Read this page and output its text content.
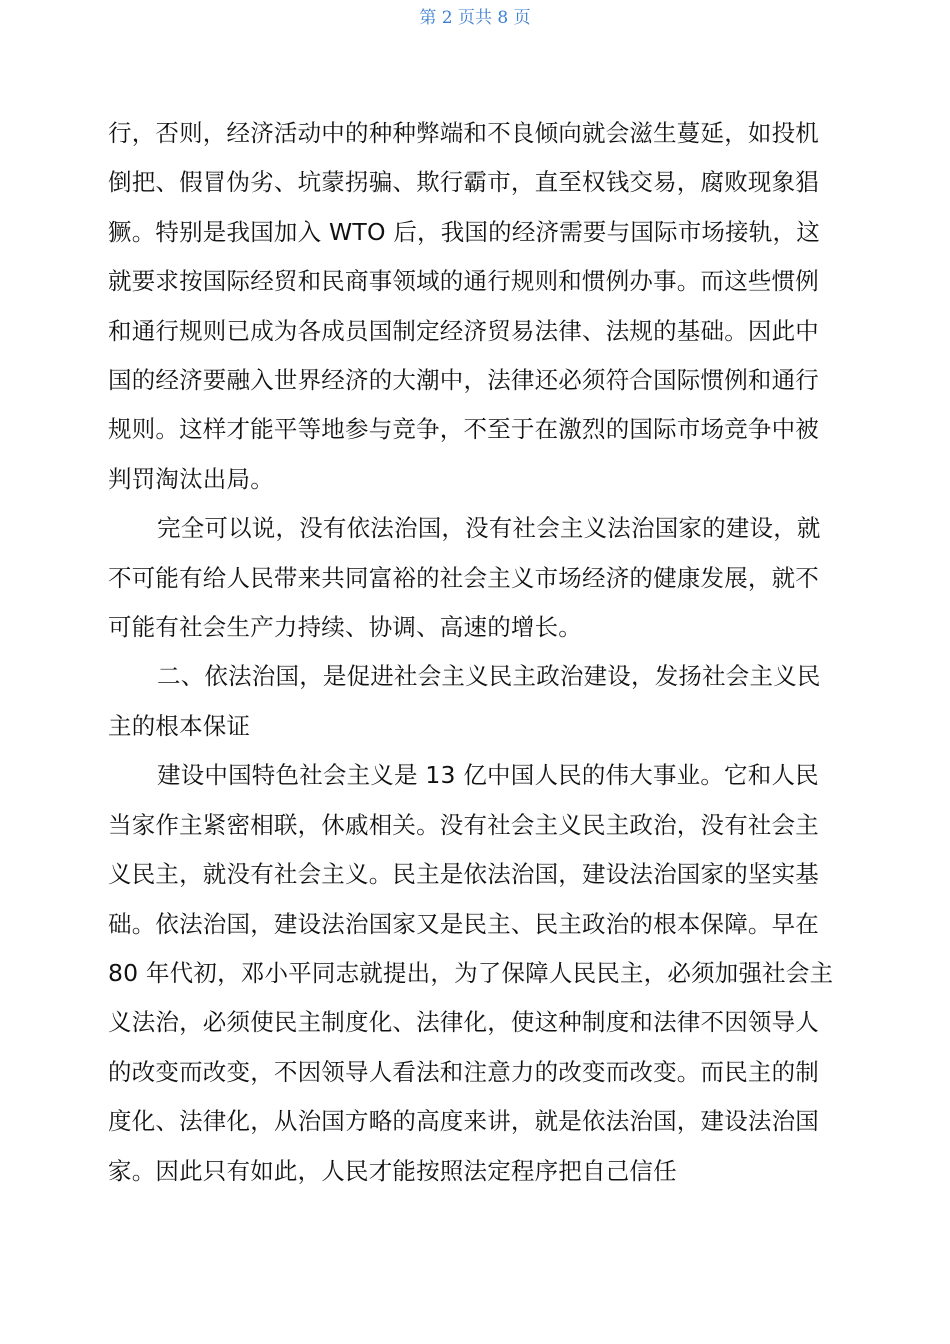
第 2 页共 8 页

行，否则，经济活动中的种种弊端和不良倾向就会滋生蔓延，如投机倒把、假冒伪劣、坑蒙拐骗、欺行霸市，直至权钱交易，腐败现象猖獗。特别是我国加入 WTO 后，我国的经济需要与国际市场接轨，这就要求按国际经贸和民商事领域的通行规则和惯例办事。而这些惯例和通行规则已成为各成员国制定经济贸易法律、法规的基础。因此中国的经济要融入世界经济的大潮中，法律还必须符合国际惯例和通行规则。这样才能平等地参与竞争，不至于在激烈的国际市场竞争中被判罚淘汰出局。

完全可以说，没有依法治国，没有社会主义法治国家的建设，就不可能有给人民带来共同富裕的社会主义市场经济的健康发展，就不可能有社会生产力持续、协调、高速的增长。

二、依法治国，是促进社会主义民主政治建设，发扬社会主义民主的根本保证

建设中国特色社会主义是 13 亿中国人民的伟大事业。它和人民当家作主紧密相联，休戚相关。没有社会主义民主政治，没有社会主义民主，就没有社会主义。民主是依法治国，建设法治国家的坚实基础。依法治国，建设法治国家又是民主、民主政治的根本保障。早在 80 年代初，邓小平同志就提出，为了保障人民民主，必须加强社会主义法治，必须使民主制度化、法律化，使这种制度和法律不因领导人的改变而改变，不因领导人看法和注意力的改变而改变。而民主的制度化、法律化，从治国方略的高度来讲，就是依法治国，建设法治国家。因此只有如此，人民才能按照法定程序把自己信任
